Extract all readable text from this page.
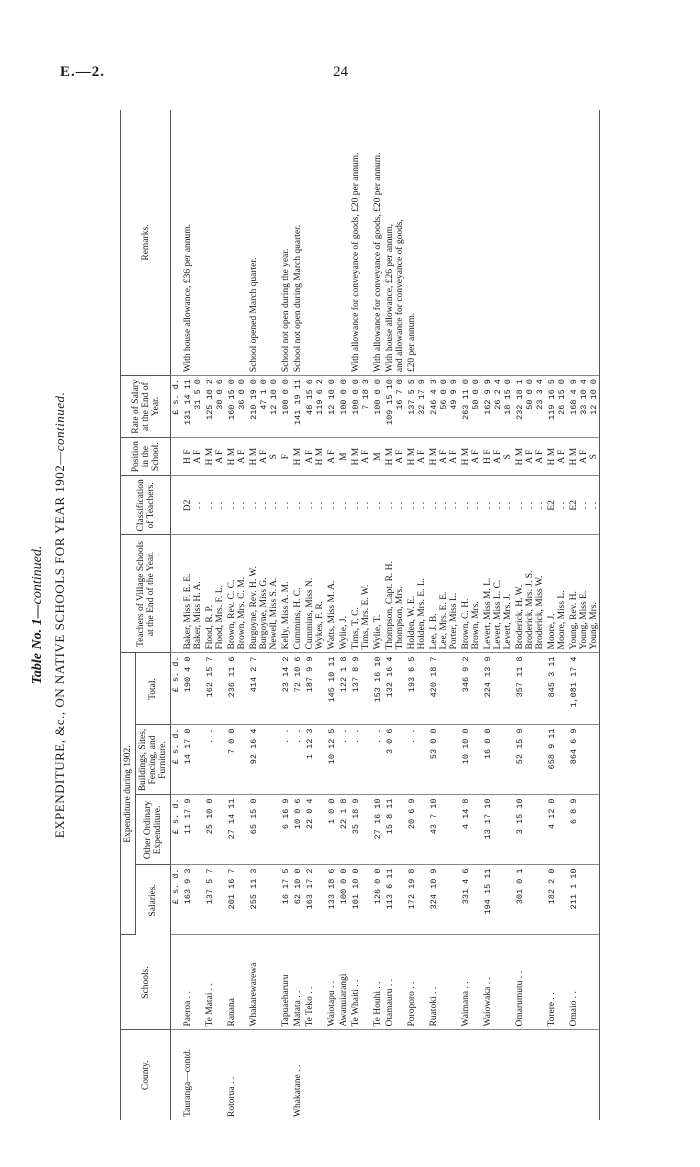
E.—2.	24
Table No. 1—continued. EXPENDITURE, &c., ON NATIVE SCHOOLS FOR YEAR 1902—continued.
County.	Schools.	Expenditure during 1902.				Teachers of Village Schools at the End of the Year.	Classification of Teachers.	Position in the School.	Rate of Salary at the End of Year.	Remarks.
		Salaries.	Other Ordinary Expenditure.	Buildings, Sites, Fencing, and Furniture.	Total.					
		£ s. d.	£ s. d.	£ s. d.	£ s. d.				£ s. d.	
Tauranga—contd.	Paeroa . .	163 9 3	11 17 9	14 17 0	190 4 0	Baker, Miss F. E. E.	D2	H F	131 14 11	With house allowance, £36 per annum.
						Baker, Miss H. A.	. .	A F	31 5 0	
	Te Matai . .	137 5 7	25 10 0	. .	162 15 7	Flood, R. P.	. .	H M	125 10 2	
						Flood, Mrs. F. L.	. .	A F	30 0 6	
Rotorua . .	Ranana	201 16 7	27 14 11	7 0 0	236 11 6	Brown, Rev. C. C.	. .	H M	160 15 0	
						Brown, Mrs. C. M.	. .	A F	36 0 0	
	Whakarewarewa	255 11 3	65 15 0	92 16 4	414 2 7	Burgoyne, Rev. H. W.	. .	H M	210 19 0	School opened March quarter.
						Burgoyne, Miss G.	. .	A F	47 1 0	
						Newell, Miss S. A.	. .	S	12 10 0	
	Tapuaeharuru	16 17 5	6 16 9	. .	23 14 2	Kelly, Miss A. M.	. .	F	100 0 0	School not open during the year.
Whakatane . .	Matata . .	62 10 0	10 0 6	. .	72 10 6	Cummins, H. C.	. .	H M	141 19 11	School not open during March quarter.
	Te Teko . .	163 17 2	22 0 4	1 12 3	187 9 9	Cummins, Miss N.	. .	A F	48 15 6	
						Wykes, F. R.	. .	H M	119 6 2	
	Waiotapu . .	133 18 6	1 0 0	10 12 5	145 10 11	Watts, Miss M. A.	. .	A F	12 10 0	
	Awanuiarangi	100 0 0	22 1 8	. .	122 1 8	Wylie, J.	. .	M	100 0 0	
	Te Whaiti . .	101 10 0	35 18 9	. .	137 8 9	Tims, T. C.	. .	H M	100 0 0	With allowance for conveyance of goods, £20 per annum.
						Tims, Mrs. E. W.	. .	A F	7 18 3	
	Te Houhi . .	126 0 0	27 16 10	. .	153 16 10	Wylie, T.	. .	M	100 0 0	With allowance for conveyance of goods, £20 per annum.
	Otamauru . .	113 6 11	15 8 11	3 0 6	132 16 4	Thompson, Capt. R. H.	. .	H M	109 15 10	With house allowance, £26 per annum,
						Thompson, Mrs.	. .	A F	16 7 0	and allowance for conveyance of goods,
	Poroporo . .	172 19 8	20 6 9	. .	193 6 5	Holden, W. E.	. .	H M	137 5 5	£20 per annum.
						Holden, Mrs. E. L.	. .	A F	32 17 9	
	Ruatoki . .	324 10 9	43 7 10	53 0 0	420 18 7	Lee, J. B.	. .	H M	246 4 3	
						Lee, Mrs. E. E.	. .	A F	56 0 0	
						Porter, Miss L.	. .	A F	49 9 9	
	Waimana . .	331 4 6	4 14 8	10 10 0	346 9 2	Brown, C. H.	. .	H M	263 11 0	
						Brown, Mrs.	. .	A F	50 0 0	
	Waiowaka . .	194 15 11	13 17 10	16 0 0	224 13 9	Levert, Miss M. L.	. .	H F	162 9 9	
						Levert, Miss L. C.	. .	A F	26 2 4	
						Levert, Mrs. J.	. .	S	18 15 0	
	Omarumutu . .	301 0 1	3 15 10	52 15 9	357 11 8	Broderick, H. W.	. .	H M	232 18 1	
						Broderick, Mrs. J. S.	. .	A F	50 0 0	
						Broderick, Miss W.	. .	A F	23 3 4	
	Torere . .	182 2 0	4 12 0	658 9 11	845 3 11	Moore, J.	E2	H M	119 16 5	
						Moore, Miss L.	. .	A F	26 15 0	
	Omaio . .	211 1 10	6 8 9	864 6 9	1,081 17 4	Young, Rev. H.	E2	H M	168 4 9	
						Young, Miss E.	. .	A F	33 10 4	
						Young, Mrs.	. .	S	12 10 0	
